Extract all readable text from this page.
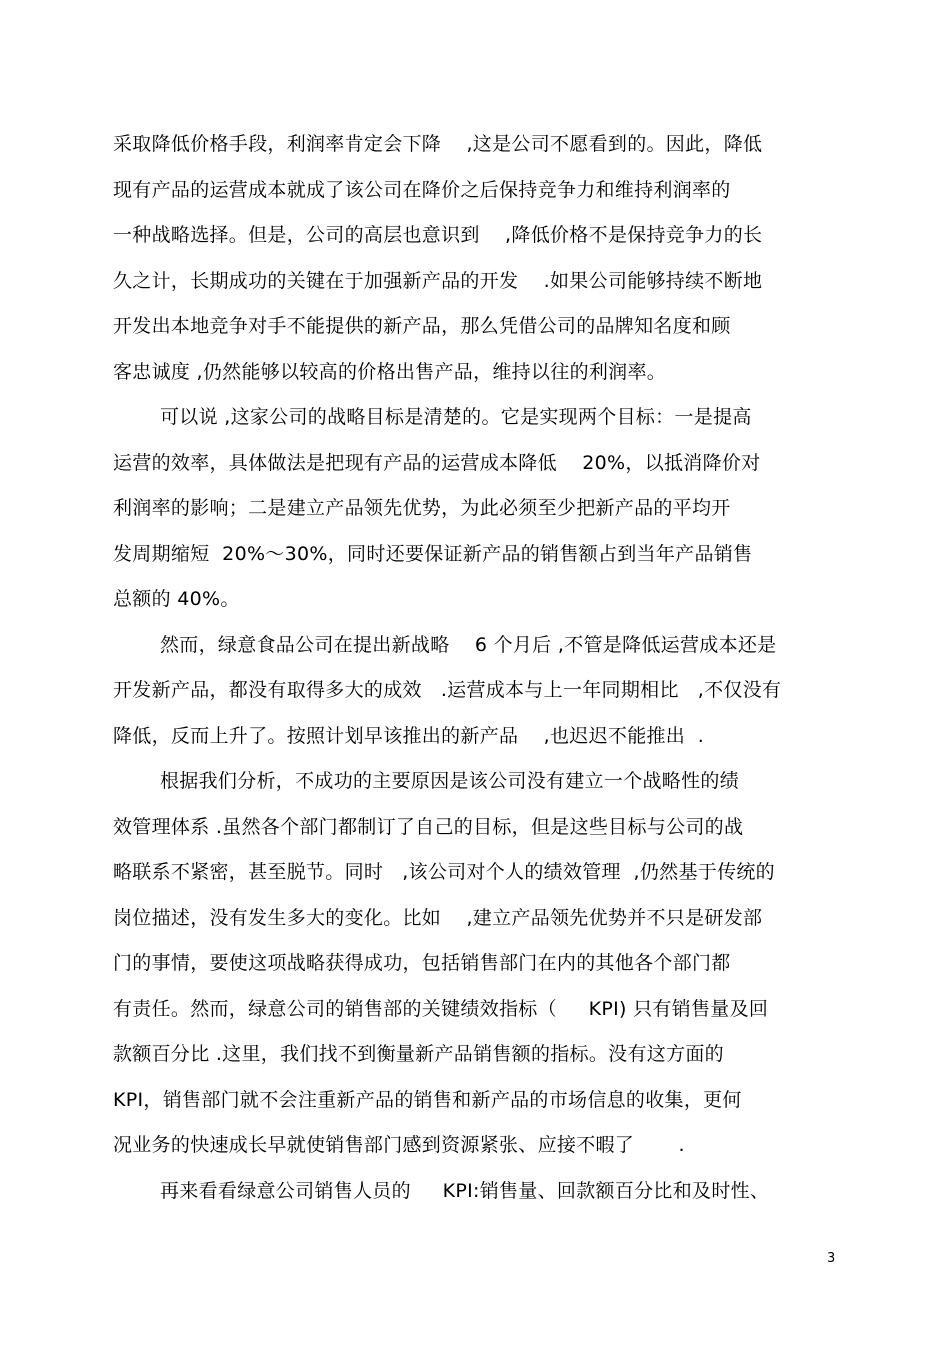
采取降低价格手段，利润率肯定会下降    ,这是公司不愿看到的。因此，降低
现有产品的运营成本就成了该公司在降价之后保持竞争力和维持利润率的
一种战略选择。但是，公司的高层也意识到    ,降低价格不是保持竞争力的长
久之计，长期成功的关键在于加强新产品的开发    .如果公司能够持续不断地
开发出本地竞争对手不能提供的新产品，那么凭借公司的品牌知名度和顾
客忠诚度 ,仍然能够以较高的价格出售产品，维持以往的利润率。
可以说 ,这家公司的战略目标是清楚的。它是实现两个目标：一是提高
运营的效率，具体做法是把现有产品的运营成本降低    20%，以抵消降价对
利润率的影响；二是建立产品领先优势，为此必须至少把新产品的平均开
发周期缩短  20%～30%，同时还要保证新产品的销售额占到当年产品销售
总额的 40%。
然而，绿意食品公司在提出新战略    6 个月后 ,不管是降低运营成本还是
开发新产品，都没有取得多大的成效   .运营成本与上一年同期相比   ,不仅没有
降低，反而上升了。按照计划早该推出的新产品    ,也迟迟不能推出  .
根据我们分析，不成功的主要原因是该公司没有建立一个战略性的绩
效管理体系 .虽然各个部门都制订了自己的目标，但是这些目标与公司的战
略联系不紧密，甚至脱节。同时   ,该公司对个人的绩效管理  ,仍然基于传统的
岗位描述，没有发生多大的变化。比如    ,建立产品领先优势并不只是研发部
门的事情，要使这项战略获得成功，包括销售部门在内的其他各个部门都
有责任。然而，绿意公司的销售部的关键绩效指标（     KPI) 只有销售量及回
款额百分比 .这里，我们找不到衡量新产品销售额的指标。没有这方面的
KPI，销售部门就不会注重新产品的销售和新产品的市场信息的收集，更何
况业务的快速成长早就使销售部门感到资源紧张、应接不暇了       .
再来看看绿意公司销售人员的     KPI:销售量、回款额百分比和及时性、
3
